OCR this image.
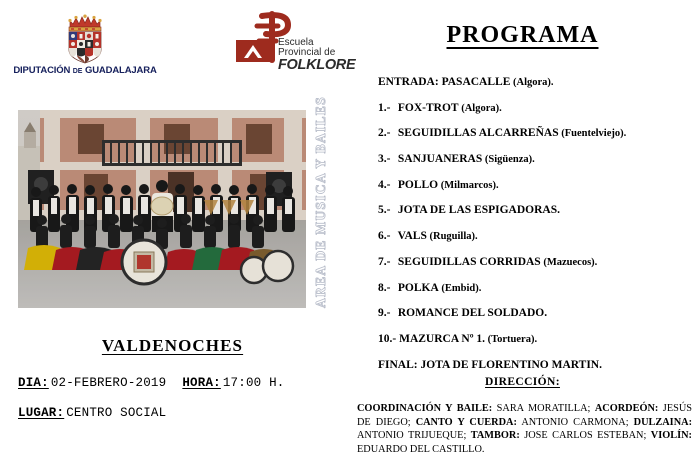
DIPUTACIÓN DE GUADALAJARA
Escuela
Provincial de
FOLKLORE
AREA DE MUSICA Y BAILES
VALDENOCHES
DIA: 02-FEBRERO-2019 HORA: 17:00 H.
LUGAR: CENTRO SOCIAL
PROGRAMA
ENTRADA: PASACALLE (Algora).
1.- FOX-TROT (Algora).
2.- SEGUIDILLAS ALCARREÑAS (Fuentelviejo).
3.- SANJUANERAS (Sigüenza).
4.- POLLO (Milmarcos).
5.- JOTA DE LAS ESPIGADORAS.
6.- VALS (Ruguilla).
7.- SEGUIDILLAS CORRIDAS (Mazuecos).
8.- POLKA (Embid).
9.- ROMANCE DEL SOLDADO.
10.- MAZURCA Nº 1. (Tortuera).
FINAL: JOTA DE FLORENTINO MARTIN.
DIRECCIÓN:
COORDINACIÓN Y BAILE: SARA MORATILLA; ACORDEÓN: JESÚS DE DIEGO; CANTO Y CUERDA: ANTONIO CARMONA; DULZAINA: ANTONIO TRIJUEQUE; TAMBOR: JOSE CARLOS ESTEBAN; VIOLÍN: EDUARDO DEL CASTILLO.
